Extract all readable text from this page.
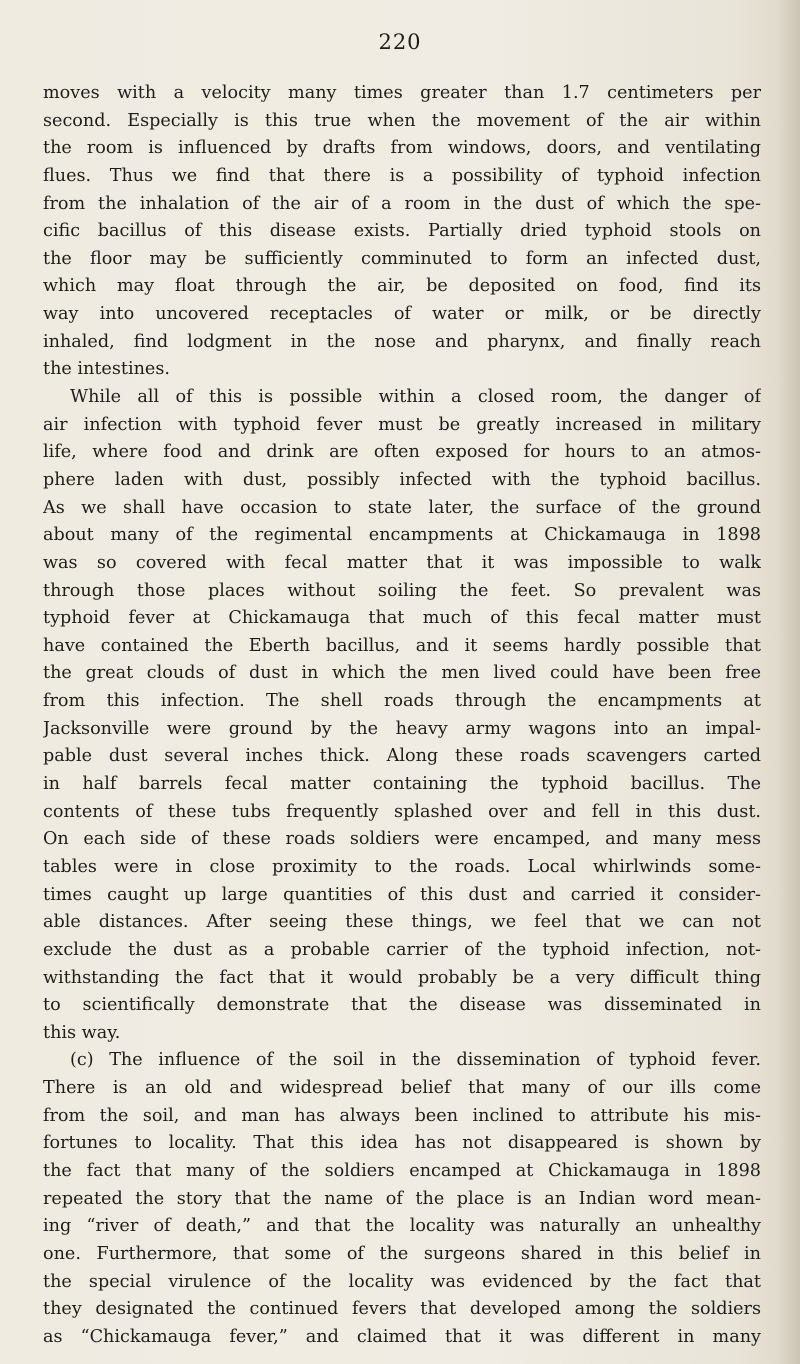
220

moves with a velocity many times greater than 1.7 centimeters per
second. Especially is this true when the movement of the air within
the room is influenced by drafts from windows, doors, and ventilating
flues. Thus we find that there is a possibility of typhoid infection
from the inhalation of the air of a room in the dust of which the spe-
cific bacillus of this disease exists. Partially dried typhoid stools on
the floor may be sufficiently comminuted to form an infected dust,
which may float through the air, be deposited on food, find its
way into uncovered receptacles of water or milk, or be directly
inhaled, find lodgment in the nose and pharynx, and finally reach
the intestines.
While all of this is possible within a closed room, the danger of
air infection with typhoid fever must be greatly increased in military
life, where food and drink are often exposed for hours to an atmos-
phere laden with dust, possibly infected with the typhoid bacillus.
As we shall have occasion to state later, the surface of the ground
about many of the regimental encampments at Chickamauga in 1898
was so covered with fecal matter that it was impossible to walk
through those places without soiling the feet. So prevalent was
typhoid fever at Chickamauga that much of this fecal matter must
have contained the Eberth bacillus, and it seems hardly possible that
the great clouds of dust in which the men lived could have been free
from this infection. The shell roads through the encampments at
Jacksonville were ground by the heavy army wagons into an impal-
pable dust several inches thick. Along these roads scavengers carted
in half barrels fecal matter containing the typhoid bacillus. The
contents of these tubs frequently splashed over and fell in this dust.
On each side of these roads soldiers were encamped, and many mess
tables were in close proximity to the roads. Local whirlwinds some-
times caught up large quantities of this dust and carried it consider-
able distances. After seeing these things, we feel that we can not
exclude the dust as a probable carrier of the typhoid infection, not-
withstanding the fact that it would probably be a very difficult thing
to scientifically demonstrate that the disease was disseminated in
this way.
(c) The influence of the soil in the dissemination of typhoid fever.
There is an old and widespread belief that many of our ills come
from the soil, and man has always been inclined to attribute his mis-
fortunes to locality. That this idea has not disappeared is shown by
the fact that many of the soldiers encamped at Chickamauga in 1898
repeated the story that the name of the place is an Indian word mean-
ing “river of death,” and that the locality was naturally an unhealthy
one. Furthermore, that some of the surgeons shared in this belief in
the special virulence of the locality was evidenced by the fact that
they designated the continued fevers that developed among the soldiers
as “Chickamauga fever,” and claimed that it was different in many
